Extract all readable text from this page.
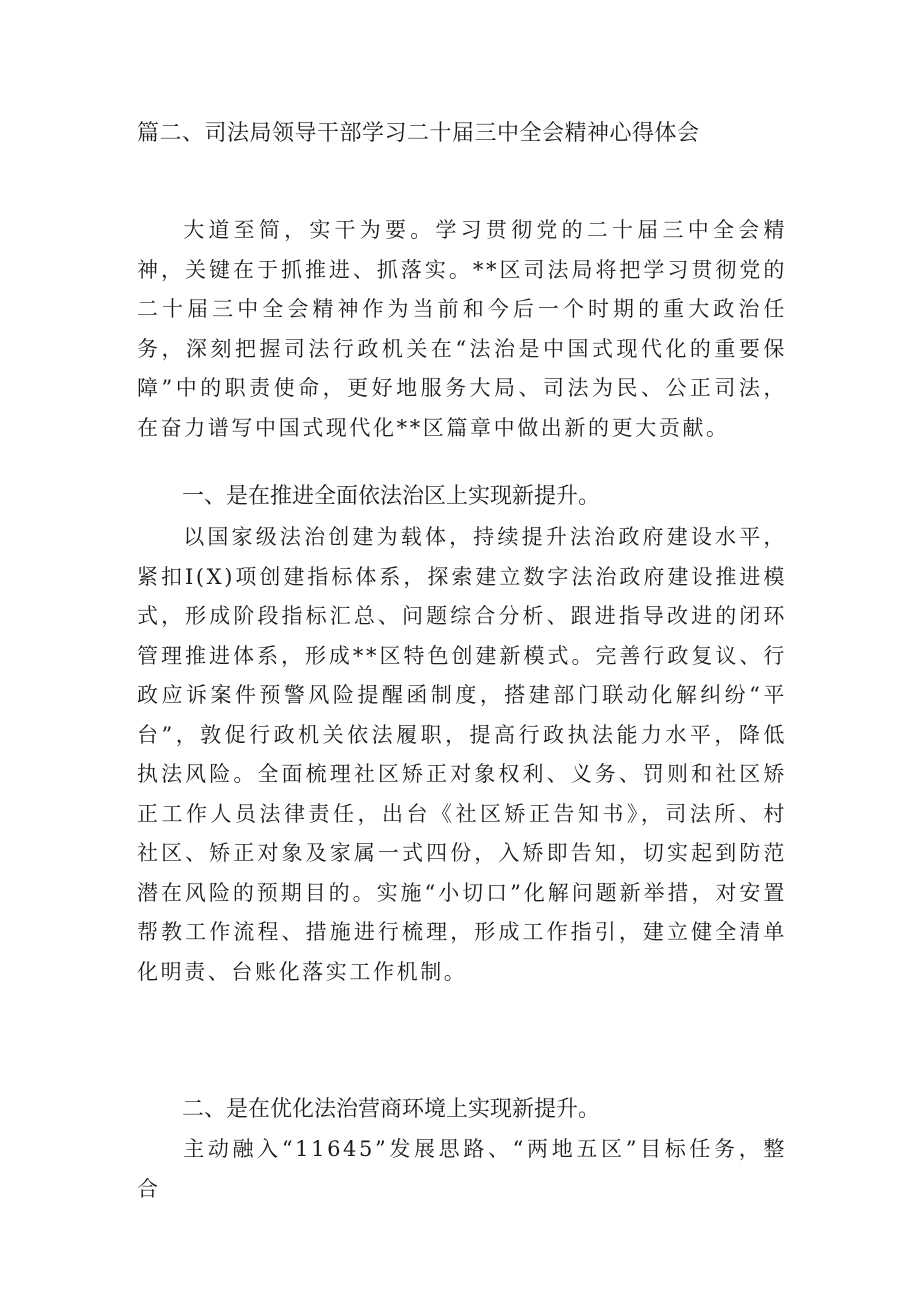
篇二、司法局领导干部学习二十届三中全会精神心得体会

大道至简，实干为要。学习贯彻党的二十届三中全会精神，关键在于抓推进、抓落实。**区司法局将把学习贯彻党的二十届三中全会精神作为当前和今后一个时期的重大政治任务，深刻把握司法行政机关在“法治是中国式现代化的重要保障”中的职责使命，更好地服务大局、司法为民、公正司法，在奋力谱写中国式现代化**区篇章中做出新的更大贡献。

一、是在推进全面依法治区上实现新提升。

以国家级法治创建为载体，持续提升法治政府建设水平，紧扣I(X)项创建指标体系，探索建立数字法治政府建设推进模式，形成阶段指标汇总、问题综合分析、跟进指导改进的闭环管理推进体系，形成**区特色创建新模式。完善行政复议、行政应诉案件预警风险提醒函制度，搭建部门联动化解纠纷“平台”，敦促行政机关依法履职，提高行政执法能力水平，降低执法风险。全面梳理社区矫正对象权利、义务、罚则和社区矫正工作人员法律责任，出台《社区矫正告知书》，司法所、村社区、矫正对象及家属一式四份，入矫即告知，切实起到防范潜在风险的预期目的。实施“小切口”化解问题新举措，对安置帮教工作流程、措施进行梳理，形成工作指引，建立健全清单化明责、台账化落实工作机制。

二、是在优化法治营商环境上实现新提升。

主动融入“11645”发展思路、“两地五区”目标任务，整合
